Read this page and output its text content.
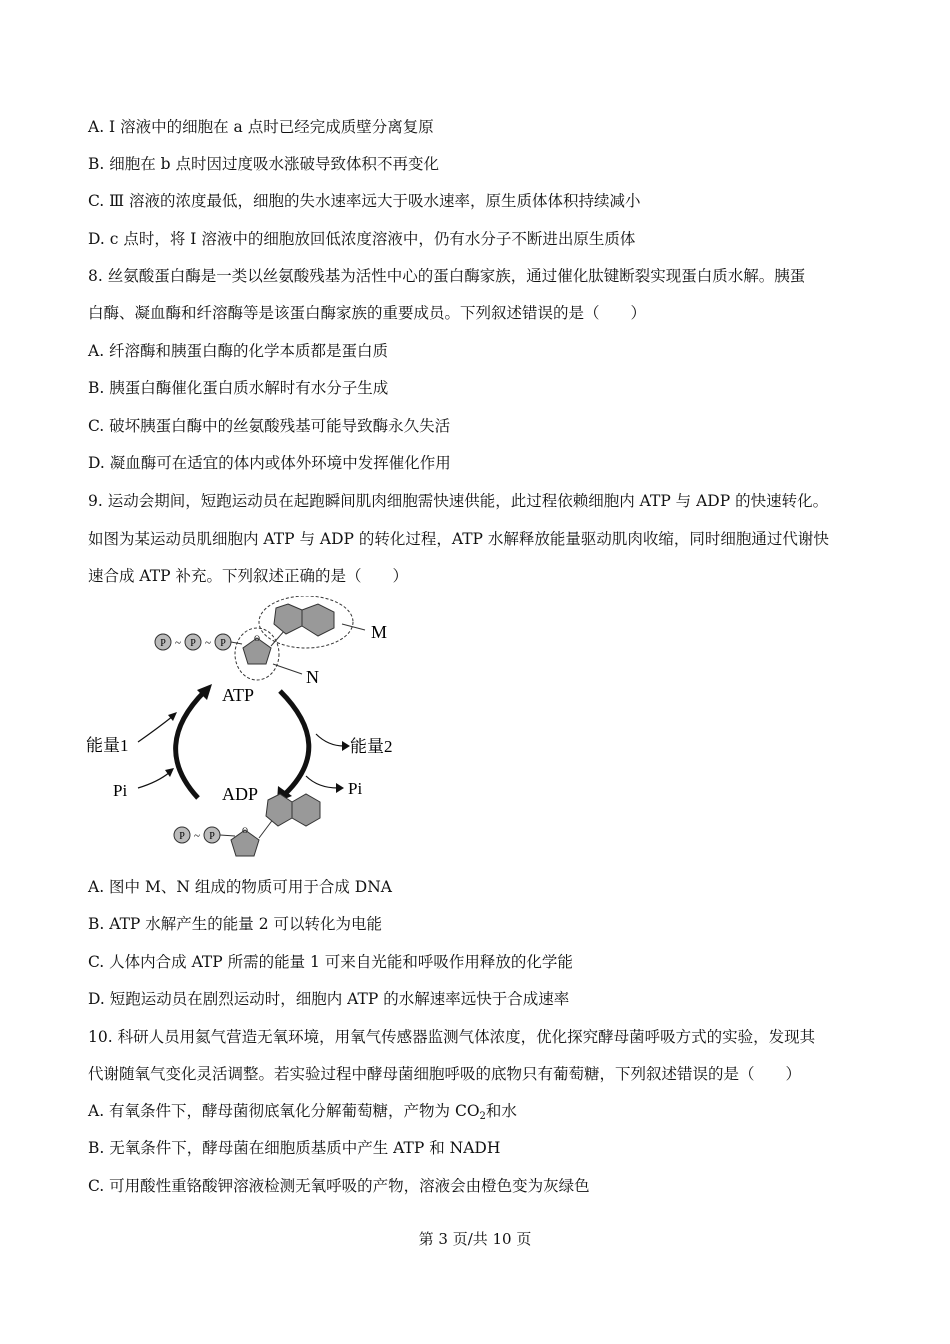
A. Ⅰ 溶液中的细胞在 a 点时已经完成质壁分离复原
B. 细胞在 b 点时因过度吸水涨破导致体积不再变化
C. Ⅲ 溶液的浓度最低，细胞的失水速率远大于吸水速率，原生质体体积持续减小
D. c 点时，将 Ⅰ 溶液中的细胞放回低浓度溶液中，仍有水分子不断进出原生质体
8. 丝氨酸蛋白酶是一类以丝氨酸残基为活性中心的蛋白酶家族，通过催化肽键断裂实现蛋白质水解。胰蛋
白酶、凝血酶和纤溶酶等是该蛋白酶家族的重要成员。下列叙述错误的是（　　）
A. 纤溶酶和胰蛋白酶的化学本质都是蛋白质
B. 胰蛋白酶催化蛋白质水解时有水分子生成
C. 破坏胰蛋白酶中的丝氨酸残基可能导致酶永久失活
D. 凝血酶可在适宜的体内或体外环境中发挥催化作用
9. 运动会期间，短跑运动员在起跑瞬间肌肉细胞需快速供能，此过程依赖细胞内 ATP 与 ADP 的快速转化。
如图为某运动员肌细胞内 ATP 与 ADP 的转化过程，ATP 水解释放能量驱动肌肉收缩，同时细胞通过代谢快
速合成 ATP 补充。下列叙述正确的是（　　）
P ~ P ~ P	O
N
M
ATP
ADP
能量1
Pi
能量2
Pi
P ~ P
O
A. 图中 M、N 组成的物质可用于合成 DNA
B. ATP 水解产生的能量 2 可以转化为电能
C. 人体内合成 ATP 所需的能量 1 可来自光能和呼吸作用释放的化学能
D. 短跑运动员在剧烈运动时，细胞内 ATP 的水解速率远快于合成速率
10. 科研人员用氦气营造无氧环境，用氧气传感器监测气体浓度，优化探究酵母菌呼吸方式的实验，发现其
代谢随氧气变化灵活调整。若实验过程中酵母菌细胞呼吸的底物只有葡萄糖，下列叙述错误的是（　　）
A. 有氧条件下，酵母菌彻底氧化分解葡萄糖，产物为 $CO_2$和水
B. 无氧条件下，酵母菌在细胞质基质中产生 ATP 和 NADH
C. 可用酸性重铬酸钾溶液检测无氧呼吸的产物，溶液会由橙色变为灰绿色
第 3 页/共 10 页
